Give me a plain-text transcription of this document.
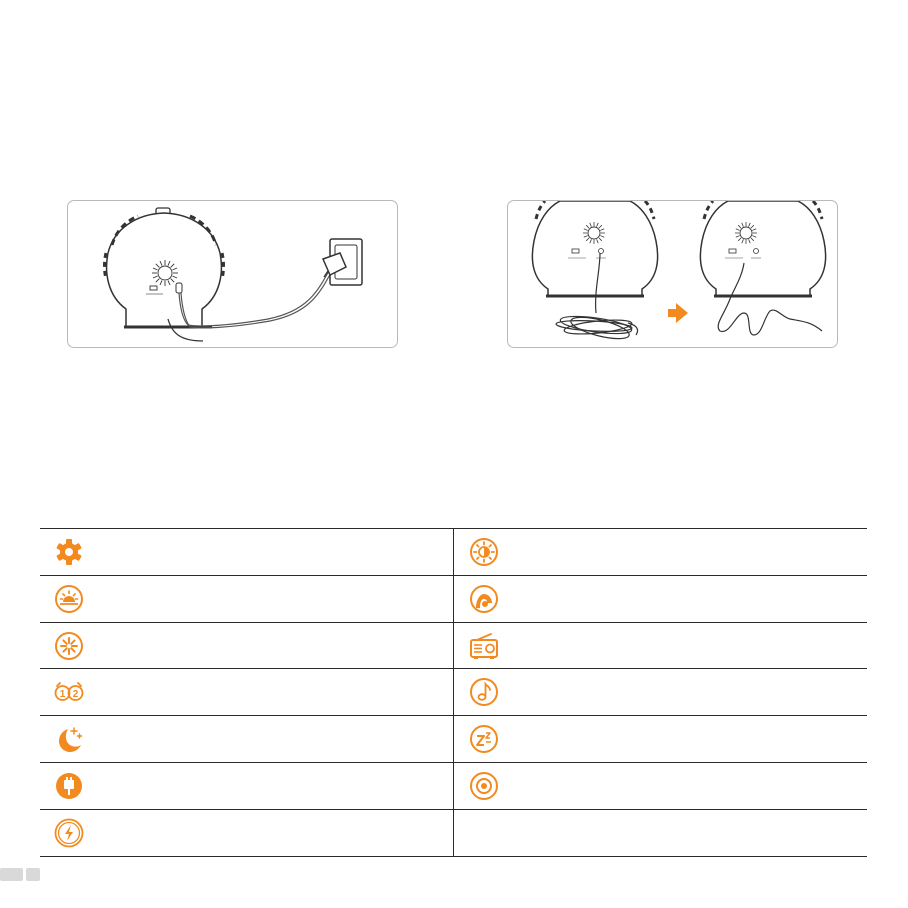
1 2
